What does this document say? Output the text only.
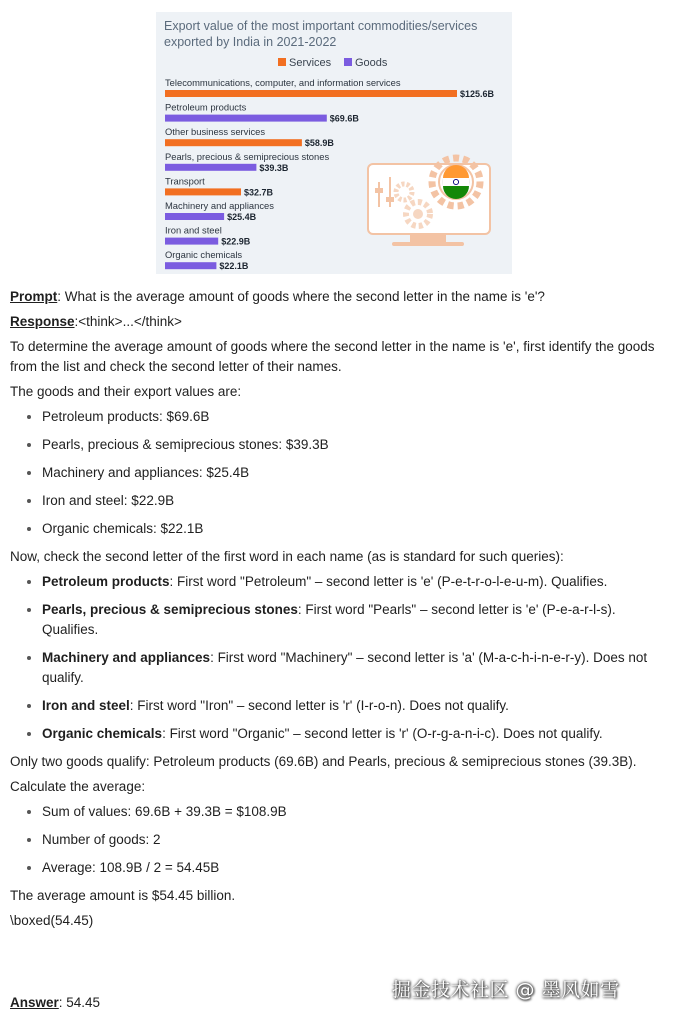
Export value of the most important commodities/services
exported by India in 2021-2022
Services Goods
Telecommunications, computer, and information services
$125.6B
Petroleum products
$69.6B
Other business services
$58.9B
Pearls, precious & semiprecious stones
$39.3B
Transport
$32.7B
Machinery and appliances
$25.4B
Iron and steel
$22.9B
Organic chemicals
$22.1B

Prompt: What is the average amount of goods where the second letter in the name is 'e'?

Response:<think>...</think>

To determine the average amount of goods where the second letter in the name is 'e', first identify the goods from the list and check the second letter of their names.

The goods and their export values are:

• Petroleum products: $69.6B
• Pearls, precious & semiprecious stones: $39.3B
• Machinery and appliances: $25.4B
• Iron and steel: $22.9B
• Organic chemicals: $22.1B

Now, check the second letter of the first word in each name (as is standard for such queries):

• Petroleum products: First word "Petroleum" – second letter is 'e' (P-e-t-r-o-l-e-u-m). Qualifies.
• Pearls, precious & semiprecious stones: First word "Pearls" – second letter is 'e' (P-e-a-r-l-s). Qualifies.
• Machinery and appliances: First word "Machinery" – second letter is 'a' (M-a-c-h-i-n-e-r-y). Does not qualify.
• Iron and steel: First word "Iron" – second letter is 'r' (I-r-o-n). Does not qualify.
• Organic chemicals: First word "Organic" – second letter is 'r' (O-r-g-a-n-i-c). Does not qualify.

Only two goods qualify: Petroleum products (69.6B) and Pearls, precious & semiprecious stones (39.3B).

Calculate the average:

• Sum of values: 69.6B + 39.3B = $108.9B
• Number of goods: 2
• Average: 108.9B / 2 = 54.45B

The average amount is $54.45 billion.

\boxed(54.45)

掘金技术社区 @ 墨风如雪
Answer: 54.45
